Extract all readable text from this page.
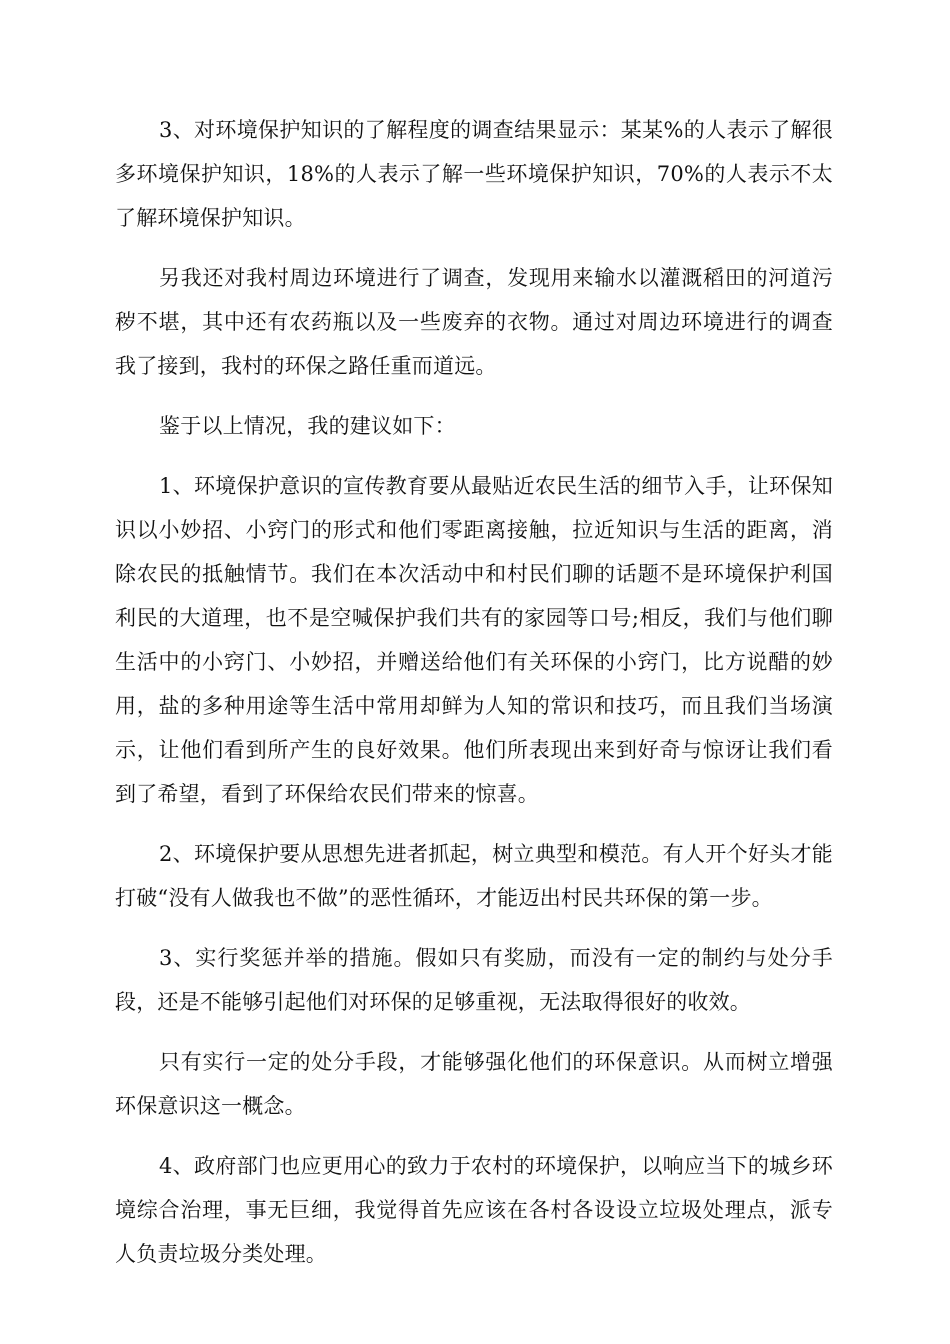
3、对环境保护知识的了解程度的调查结果显示：某某%的人表示了解很多环境保护知识，18%的人表示了解一些环境保护知识，70%的人表示不太了解环境保护知识。

另我还对我村周边环境进行了调查，发现用来输水以灌溉稻田的河道污秽不堪，其中还有农药瓶以及一些废弃的衣物。通过对周边环境进行的调查我了接到，我村的环保之路任重而道远。

鉴于以上情况，我的建议如下：

1、环境保护意识的宣传教育要从最贴近农民生活的细节入手，让环保知识以小妙招、小窍门的形式和他们零距离接触，拉近知识与生活的距离，消除农民的抵触情节。我们在本次活动中和村民们聊的话题不是环境保护利国利民的大道理，也不是空喊保护我们共有的家园等口号;相反，我们与他们聊生活中的小窍门、小妙招，并赠送给他们有关环保的小窍门，比方说醋的妙用，盐的多种用途等生活中常用却鲜为人知的常识和技巧，而且我们当场演示，让他们看到所产生的良好效果。他们所表现出来到好奇与惊讶让我们看到了希望，看到了环保给农民们带来的惊喜。

2、环境保护要从思想先进者抓起，树立典型和模范。有人开个好头才能打破“没有人做我也不做”的恶性循环，才能迈出村民共环保的第一步。

3、实行奖惩并举的措施。假如只有奖励，而没有一定的制约与处分手段，还是不能够引起他们对环保的足够重视，无法取得很好的收效。

只有实行一定的处分手段，才能够强化他们的环保意识。从而树立增强环保意识这一概念。

4、政府部门也应更用心的致力于农村的环境保护，以响应当下的城乡环境综合治理，事无巨细，我觉得首先应该在各村各设设立垃圾处理点，派专人负责垃圾分类处理。
